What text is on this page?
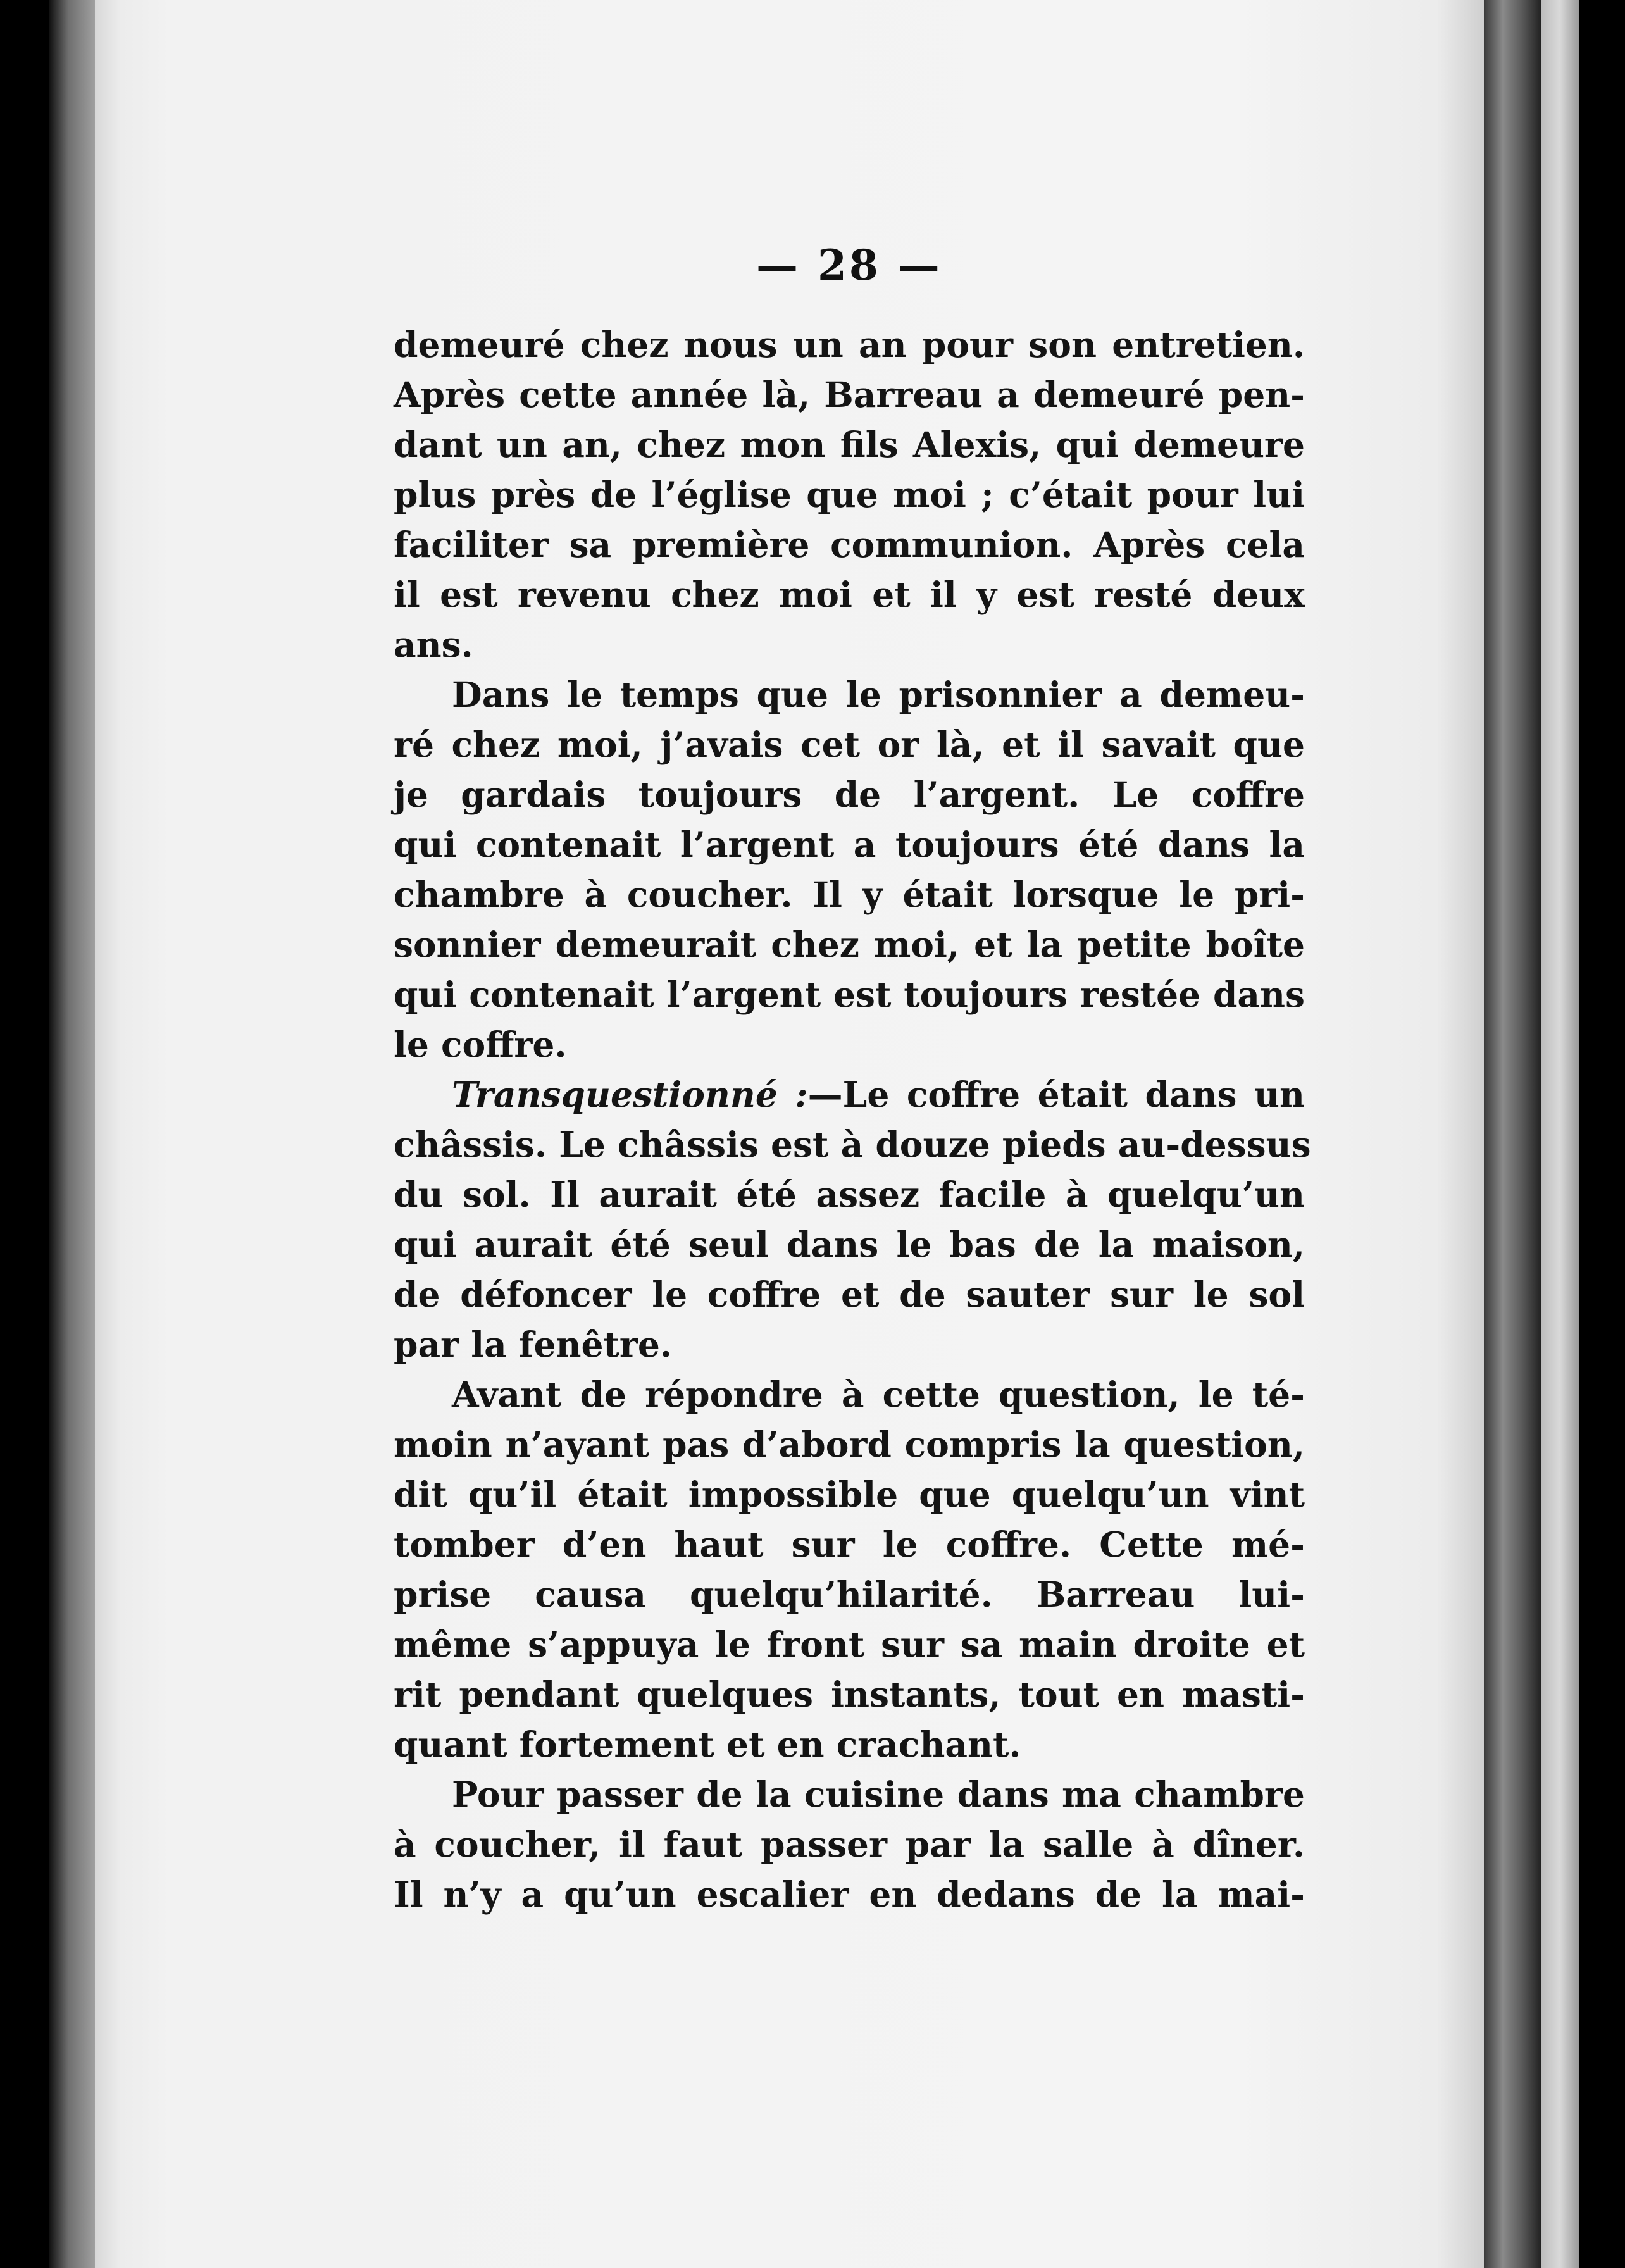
— 28 —
demeuré chez nous un an pour son entretien.
Après cette année là, Barreau a demeuré pen-
dant un an, chez mon fils Alexis, qui demeure
plus près de l’église que moi ; c’était pour lui
faciliter sa première communion. Après cela
il est revenu chez moi et il y est resté deux
ans.
Dans le temps que le prisonnier a demeu-
ré chez moi, j’avais cet or là, et il savait que
je gardais toujours de l’argent. Le coffre
qui contenait l’argent a toujours été dans la
chambre à coucher. Il y était lorsque le pri-
sonnier demeurait chez moi, et la petite boîte
qui contenait l’argent est toujours restée dans
le coffre.
Transquestionné :—Le coffre était dans un
châssis. Le châssis est à douze pieds au-dessus
du sol. Il aurait été assez facile à quelqu’un
qui aurait été seul dans le bas de la maison,
de défoncer le coffre et de sauter sur le sol
par la fenêtre.
Avant de répondre à cette question, le té-
moin n’ayant pas d’abord compris la question,
dit qu’il était impossible que quelqu’un vint
tomber d’en haut sur le coffre. Cette mé-
prise causa quelqu’hilarité. Barreau lui-
même s’appuya le front sur sa main droite et
rit pendant quelques instants, tout en masti-
quant fortement et en crachant.
Pour passer de la cuisine dans ma chambre
à coucher, il faut passer par la salle à dîner.
Il n’y a qu’un escalier en dedans de la mai-
